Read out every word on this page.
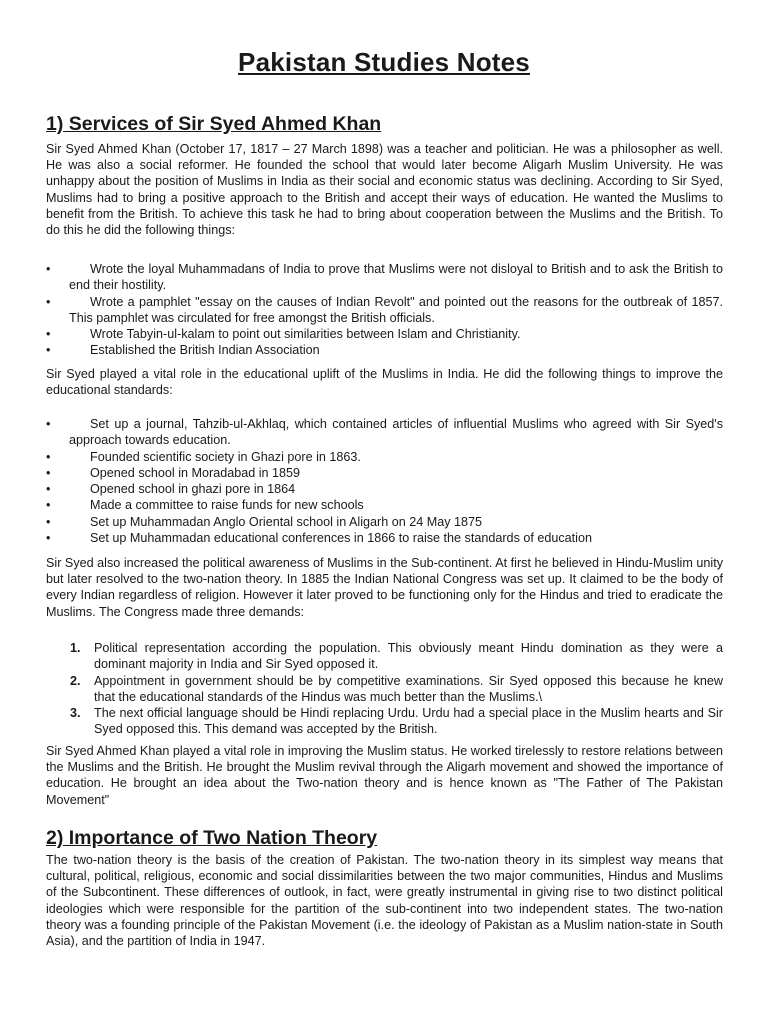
Pakistan Studies Notes
1) Services of Sir Syed Ahmed Khan

Sir Syed Ahmed Khan (October 17, 1817 – 27 March 1898) was a teacher and politician. He was a philosopher as well. He was also a social reformer. He founded the school that would later become Aligarh Muslim University. He was unhappy about the position of Muslims in India as their social and economic status was declining. According to Sir Syed, Muslims had to bring a positive approach to the British and accept their ways of education. He wanted the Muslims to benefit from the British. To achieve this task he had to bring about cooperation between the Muslims and the British. To do this he did the following things:

•	Wrote the loyal Muhammadans of India to prove that Muslims were not disloyal to British and to ask the British to end their hostility.
•	Wrote a pamphlet "essay on the causes of Indian Revolt" and pointed out the reasons for the outbreak of 1857. This pamphlet was circulated for free amongst the British officials.
•	Wrote Tabyin-ul-kalam to point out similarities between Islam and Christianity.
•	Established the British Indian Association

Sir Syed played a vital role in the educational uplift of the Muslims in India. He did the following things to improve the educational standards:

•	Set up a journal, Tahzib-ul-Akhlaq, which contained articles of influential Muslims who agreed with Sir Syed's approach towards education.
•	Founded scientific society in Ghazi pore in 1863.
•	Opened school in Moradabad in 1859
•	Opened school in ghazi pore in 1864
•	Made a committee to raise funds for new schools
•	Set up Muhammadan Anglo Oriental school in Aligarh on 24 May 1875
•	Set up Muhammadan educational conferences in 1866 to raise the standards of education

Sir Syed also increased the political awareness of Muslims in the Sub-continent. At first he believed in Hindu-Muslim unity but later resolved to the two-nation theory. In 1885 the Indian National Congress was set up. It claimed to be the body of every Indian regardless of religion. However it later proved to be functioning only for the Hindus and tried to eradicate the Muslims. The Congress made three demands:

1. Political representation according the population. This obviously meant Hindu domination as they were a dominant majority in India and Sir Syed opposed it.
2. Appointment in government should be by competitive examinations. Sir Syed opposed this because he knew that the educational standards of the Hindus was much better than the Muslims.\
3. The next official language should be Hindi replacing Urdu. Urdu had a special place in the Muslim hearts and Sir Syed opposed this. This demand was accepted by the British.

Sir Syed Ahmed Khan played a vital role in improving the Muslim status. He worked tirelessly to restore relations between the Muslims and the British. He brought the Muslim revival through the Aligarh movement and showed the importance of education. He brought an idea about the Two-nation theory and is hence known as "The Father of The Pakistan Movement"

2) Importance of Two Nation Theory

The two-nation theory is the basis of the creation of Pakistan. The two-nation theory in its simplest way means that cultural, political, religious, economic and social dissimilarities between the two major communities, Hindus and Muslims of the Subcontinent. These differences of outlook, in fact, were greatly instrumental in giving rise to two distinct political ideologies which were responsible for the partition of the sub-continent into two independent states. The two-nation theory was a founding principle of the Pakistan Movement (i.e. the ideology of Pakistan as a Muslim nation-state in South Asia), and the partition of India in 1947.
